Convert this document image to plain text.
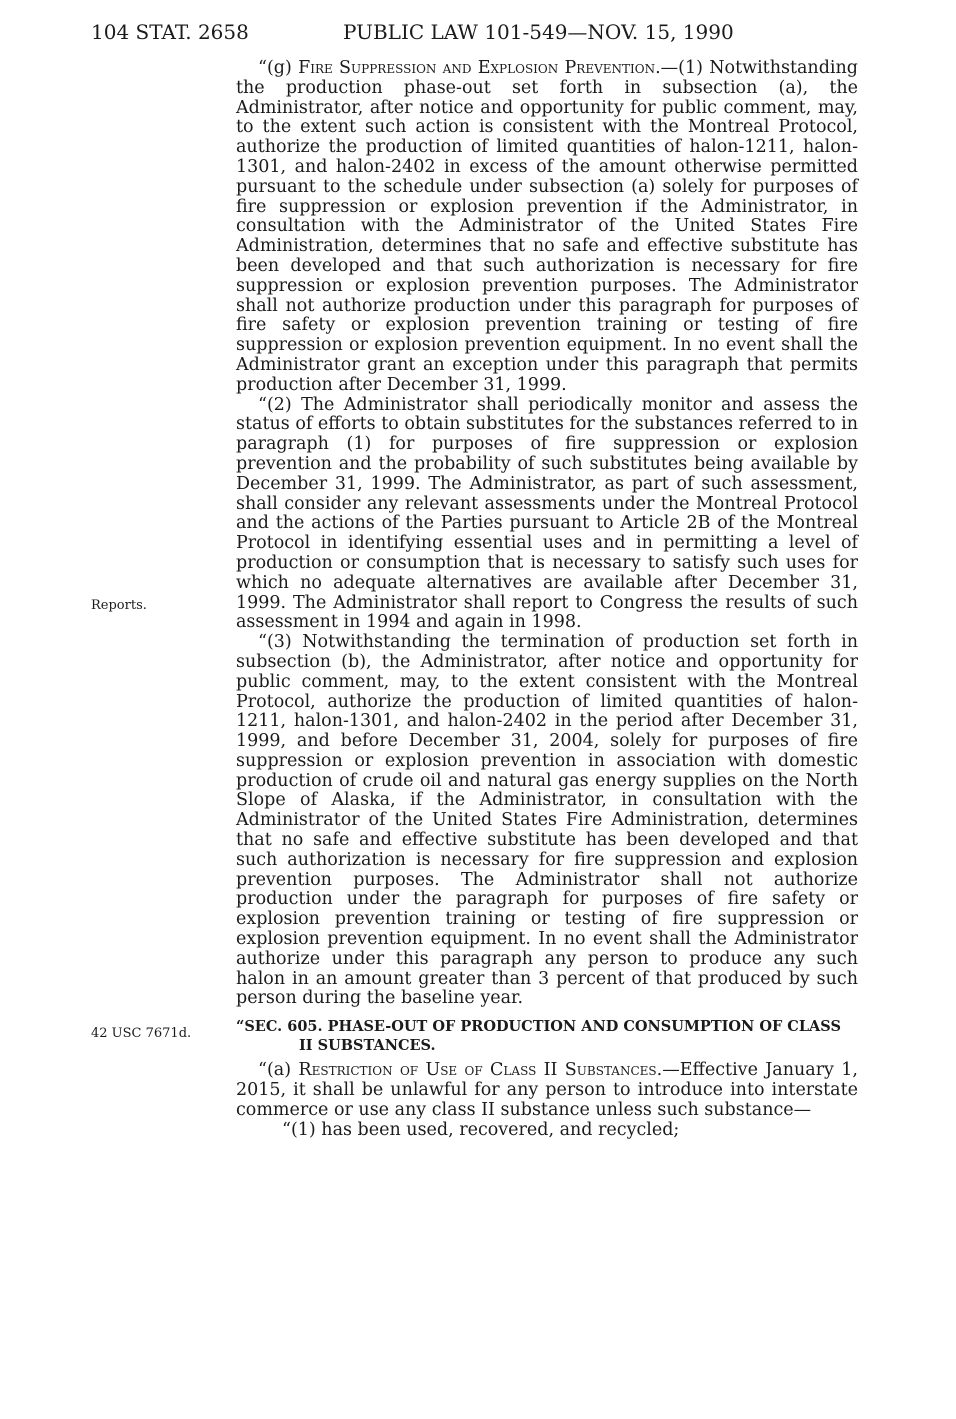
104 STAT. 2658	PUBLIC LAW 101-549—NOV. 15, 1990
Reports.
42 USC 7671d.

“(g) Fire Suppression and Explosion Prevention.—(1) Notwithstanding the production phase-out set forth in subsection (a), the Administrator, after notice and opportunity for public comment, may, to the extent such action is consistent with the Montreal Protocol, authorize the production of limited quantities of halon-1211, halon-1301, and halon-2402 in excess of the amount otherwise permitted pursuant to the schedule under subsection (a) solely for purposes of fire suppression or explosion prevention if the Administrator, in consultation with the Administrator of the United States Fire Administration, determines that no safe and effective substitute has been developed and that such authorization is necessary for fire suppression or explosion prevention purposes. The Administrator shall not authorize production under this paragraph for purposes of fire safety or explosion prevention training or testing of fire suppression or explosion prevention equipment. In no event shall the Administrator grant an exception under this paragraph that permits production after December 31, 1999.

“(2) The Administrator shall periodically monitor and assess the status of efforts to obtain substitutes for the substances referred to in paragraph (1) for purposes of fire suppression or explosion prevention and the probability of such substitutes being available by December 31, 1999. The Administrator, as part of such assessment, shall consider any relevant assessments under the Montreal Protocol and the actions of the Parties pursuant to Article 2B of the Montreal Protocol in identifying essential uses and in permitting a level of production or consumption that is necessary to satisfy such uses for which no adequate alternatives are available after December 31, 1999. The Administrator shall report to Congress the results of such assessment in 1994 and again in 1998.

“(3) Notwithstanding the termination of production set forth in subsection (b), the Administrator, after notice and opportunity for public comment, may, to the extent consistent with the Montreal Protocol, authorize the production of limited quantities of halon-1211, halon-1301, and halon-2402 in the period after December 31, 1999, and before December 31, 2004, solely for purposes of fire suppression or explosion prevention in association with domestic production of crude oil and natural gas energy supplies on the North Slope of Alaska, if the Administrator, in consultation with the Administrator of the United States Fire Administration, determines that no safe and effective substitute has been developed and that such authorization is necessary for fire suppression and explosion prevention purposes. The Administrator shall not authorize production under the paragraph for purposes of fire safety or explosion prevention training or testing of fire suppression or explosion prevention equipment. In no event shall the Administrator authorize under this paragraph any person to produce any such halon in an amount greater than 3 percent of that produced by such person during the baseline year.

“SEC. 605. PHASE-OUT OF PRODUCTION AND CONSUMPTION OF CLASS II SUBSTANCES.

“(a) Restriction of Use of Class II Substances.—Effective January 1, 2015, it shall be unlawful for any person to introduce into interstate commerce or use any class II substance unless such substance—

“(1) has been used, recovered, and recycled;
